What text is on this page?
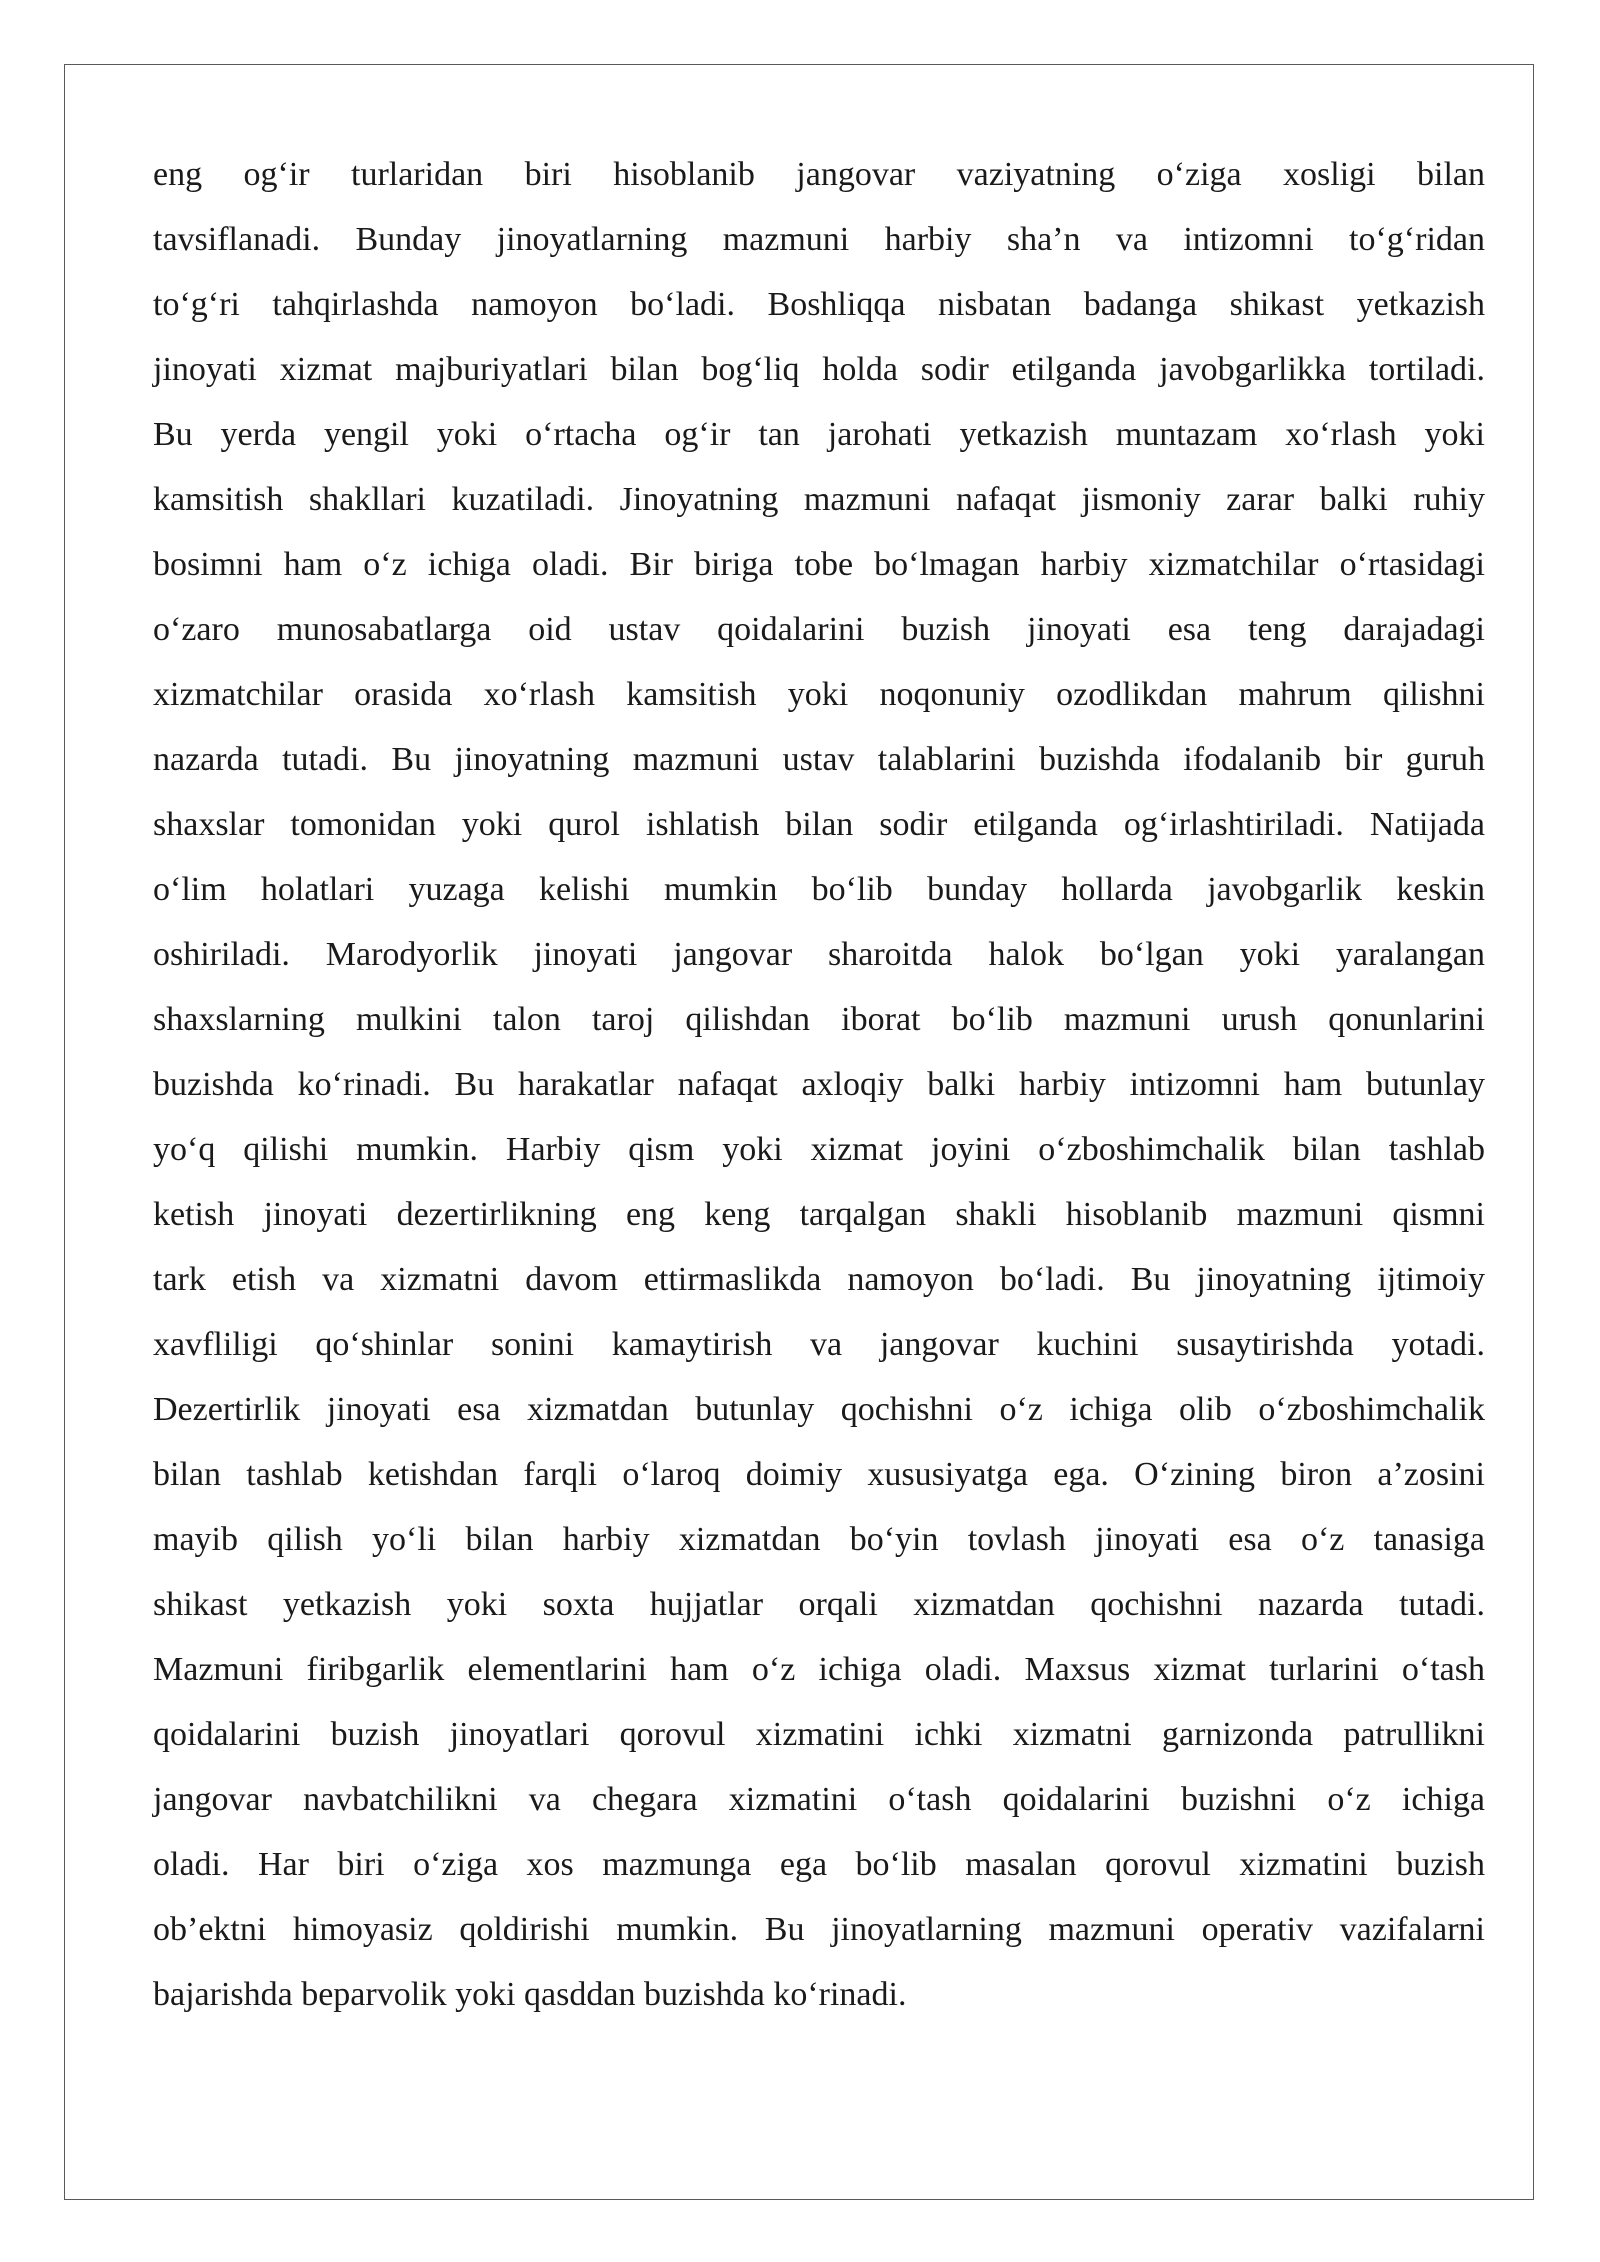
eng og‘ir turlaridan biri hisoblanib jangovar vaziyatning o‘ziga xosligi bilan
tavsiflanadi. Bunday jinoyatlarning mazmuni harbiy sha’n va intizomni to‘g‘ridan
to‘g‘ri tahqirlashda namoyon bo‘ladi. Boshliqqa nisbatan badanga shikast yetkazish
jinoyati xizmat majburiyatlari bilan bog‘liq holda sodir etilganda javobgarlikka tortiladi.
Bu yerda yengil yoki o‘rtacha og‘ir tan jarohati yetkazish muntazam xo‘rlash yoki
kamsitish shakllari kuzatiladi. Jinoyatning mazmuni nafaqat jismoniy zarar balki ruhiy
bosimni ham o‘z ichiga oladi. Bir biriga tobe bo‘lmagan harbiy xizmatchilar o‘rtasidagi
o‘zaro munosabatlarga oid ustav qoidalarini buzish jinoyati esa teng darajadagi
xizmatchilar orasida xo‘rlash kamsitish yoki noqonuniy ozodlikdan mahrum qilishni
nazarda tutadi. Bu jinoyatning mazmuni ustav talablarini buzishda ifodalanib bir guruh
shaxslar tomonidan yoki qurol ishlatish bilan sodir etilganda og‘irlashtiriladi. Natijada
o‘lim holatlari yuzaga kelishi mumkin bo‘lib bunday hollarda javobgarlik keskin
oshiriladi. Marodyorlik jinoyati jangovar sharoitda halok bo‘lgan yoki yaralangan
shaxslarning mulkini talon taroj qilishdan iborat bo‘lib mazmuni urush qonunlarini
buzishda ko‘rinadi. Bu harakatlar nafaqat axloqiy balki harbiy intizomni ham butunlay
yo‘q qilishi mumkin. Harbiy qism yoki xizmat joyini o‘zboshimchalik bilan tashlab
ketish jinoyati dezertirlikning eng keng tarqalgan shakli hisoblanib mazmuni qismni
tark etish va xizmatni davom ettirmaslikda namoyon bo‘ladi. Bu jinoyatning ijtimoiy
xavfliligi qo‘shinlar sonini kamaytirish va jangovar kuchini susaytirishda yotadi.
Dezertirlik jinoyati esa xizmatdan butunlay qochishni o‘z ichiga olib o‘zboshimchalik
bilan tashlab ketishdan farqli o‘laroq doimiy xususiyatga ega. O‘zining biron a’zosini
mayib qilish yo‘li bilan harbiy xizmatdan bo‘yin tovlash jinoyati esa o‘z tanasiga
shikast yetkazish yoki soxta hujjatlar orqali xizmatdan qochishni nazarda tutadi.
Mazmuni firibgarlik elementlarini ham o‘z ichiga oladi. Maxsus xizmat turlarini o‘tash
qoidalarini buzish jinoyatlari qorovul xizmatini ichki xizmatni garnizonda patrullikni
jangovar navbatchilikni va chegara xizmatini o‘tash qoidalarini buzishni o‘z ichiga
oladi. Har biri o‘ziga xos mazmunga ega bo‘lib masalan qorovul xizmatini buzish
ob’ektni himoyasiz qoldirishi mumkin. Bu jinoyatlarning mazmuni operativ vazifalarni
bajarishda beparvolik yoki qasddan buzishda ko‘rinadi.
